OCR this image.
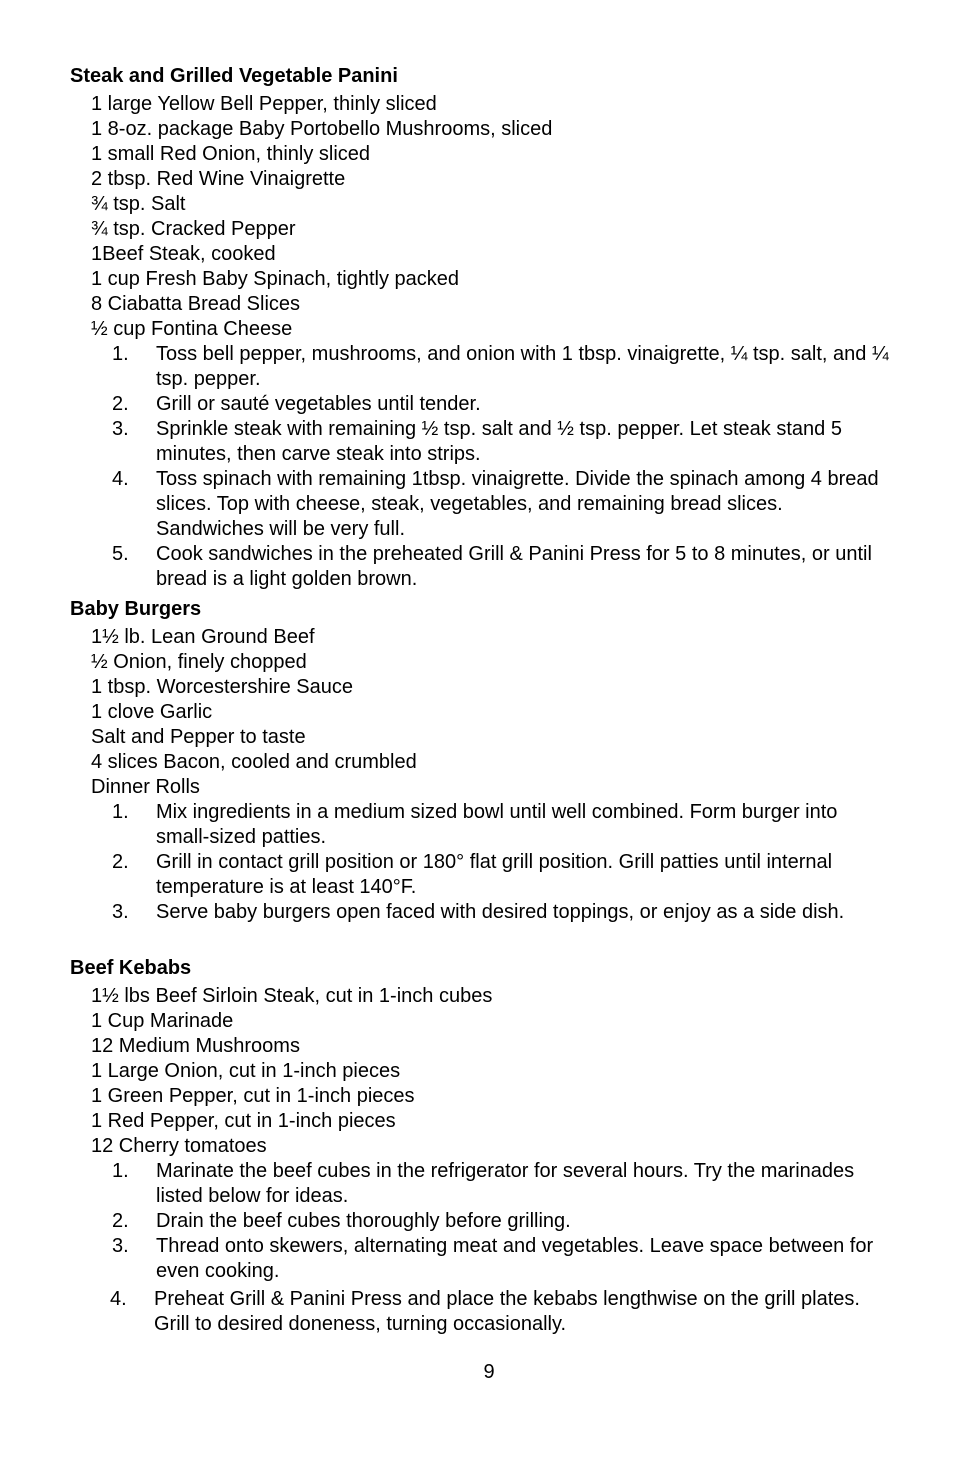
Steak and Grilled Vegetable Panini
1 large Yellow Bell Pepper, thinly sliced
1 8-oz. package Baby Portobello Mushrooms, sliced
1 small Red Onion, thinly sliced
2 tbsp. Red Wine Vinaigrette
¾ tsp. Salt
¾ tsp. Cracked Pepper
1Beef Steak, cooked
1 cup Fresh Baby Spinach, tightly packed
8 Ciabatta Bread Slices
½ cup Fontina Cheese
1. Toss bell pepper, mushrooms, and onion with 1 tbsp. vinaigrette, ¼ tsp. salt, and ¼ tsp. pepper.
2. Grill or sauté vegetables until tender.
3. Sprinkle steak with remaining ½ tsp. salt and ½ tsp. pepper. Let steak stand 5 minutes, then carve steak into strips.
4. Toss spinach with remaining 1tbsp. vinaigrette. Divide the spinach among 4 bread slices. Top with cheese, steak, vegetables, and remaining bread slices. Sandwiches will be very full.
5. Cook sandwiches in the preheated Grill & Panini Press for 5 to 8 minutes, or until bread is a light golden brown.
Baby Burgers
1½ lb. Lean Ground Beef
½ Onion, finely chopped
1 tbsp. Worcestershire Sauce
1 clove Garlic
Salt and Pepper to taste
4 slices Bacon, cooled and crumbled
Dinner Rolls
1. Mix ingredients in a medium sized bowl until well combined. Form burger into small-sized patties.
2. Grill in contact grill position or 180° flat grill position. Grill patties until internal temperature is at least 140°F.
3. Serve baby burgers open faced with desired toppings, or enjoy as a side dish.
Beef Kebabs
1½ lbs Beef Sirloin Steak, cut in 1-inch cubes
1 Cup Marinade
12 Medium Mushrooms
1 Large Onion, cut in 1-inch pieces
1 Green Pepper, cut in 1-inch pieces
1 Red Pepper, cut in 1-inch pieces
12 Cherry tomatoes
1. Marinate the beef cubes in the refrigerator for several hours. Try the marinades listed below for ideas.
2. Drain the beef cubes thoroughly before grilling.
3. Thread onto skewers, alternating meat and vegetables. Leave space between for even cooking.
4. Preheat Grill & Panini Press and place the kebabs lengthwise on the grill plates. Grill to desired doneness, turning occasionally.
9
